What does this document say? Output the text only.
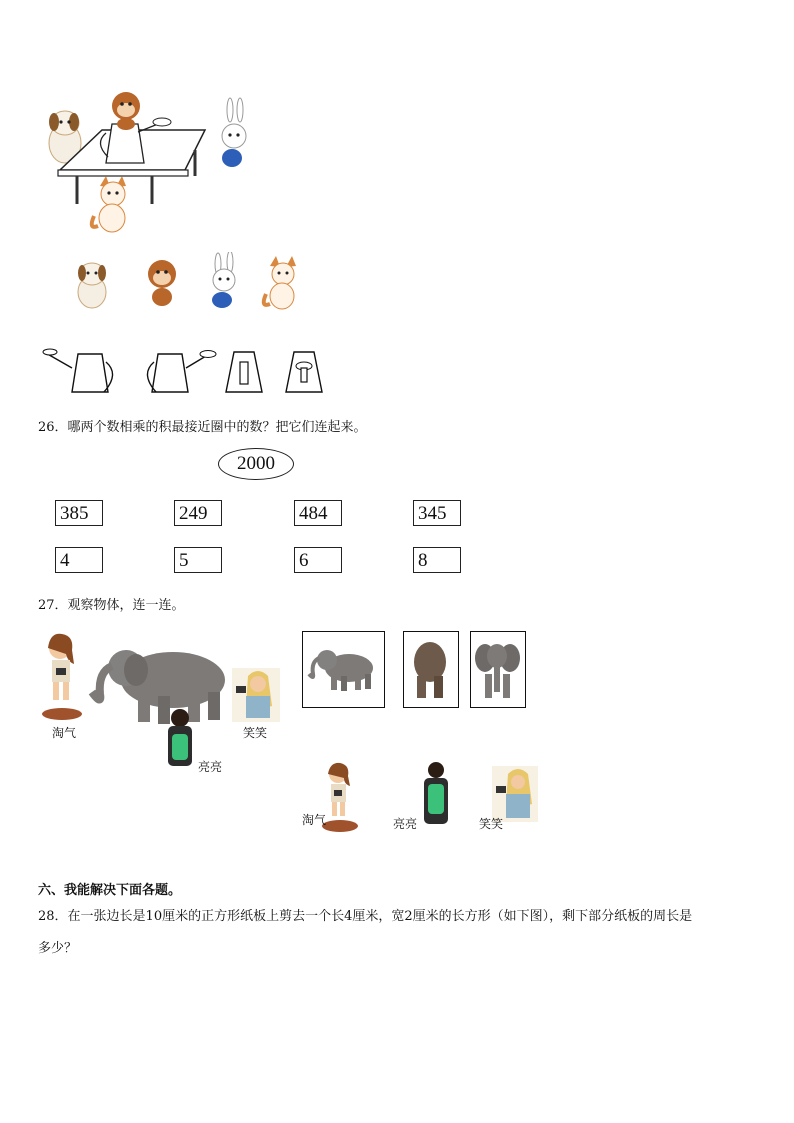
26．哪两个数相乘的积最接近圈中的数？把它们连起来。
2000
385	249	484	345
4	5	6	8
27．观察物体，连一连。
淘气	笑笑
亮亮
淘气	亮亮	笑笑
六、我能解决下面各题。
28．在一张边长是10厘米的正方形纸板上剪去一个长4厘米，宽2厘米的长方形（如下图），剩下部分纸板的周长是
多少？
